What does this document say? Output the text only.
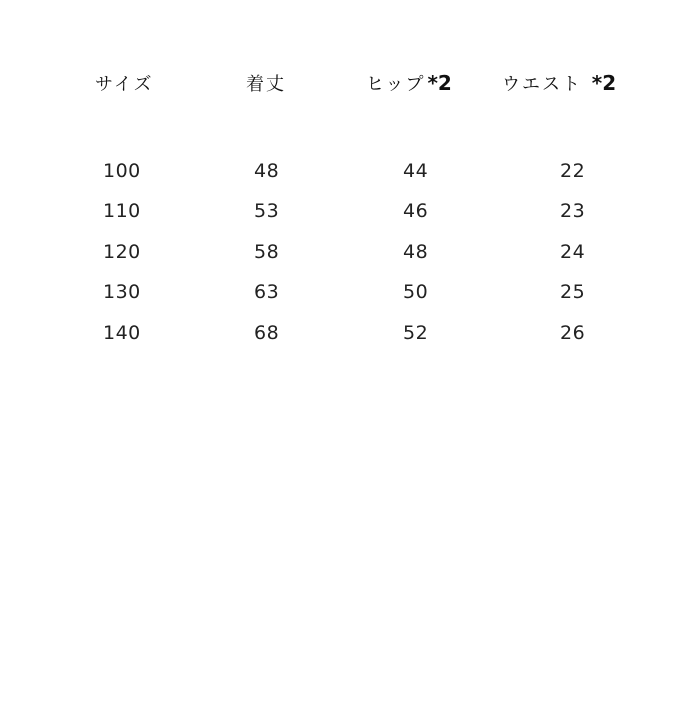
サイズ	着丈	ヒップ *2	ウエスト *2
100	48	44	22
110	53	46	23
120	58	48	24
130	63	50	25
140	68	52	26
